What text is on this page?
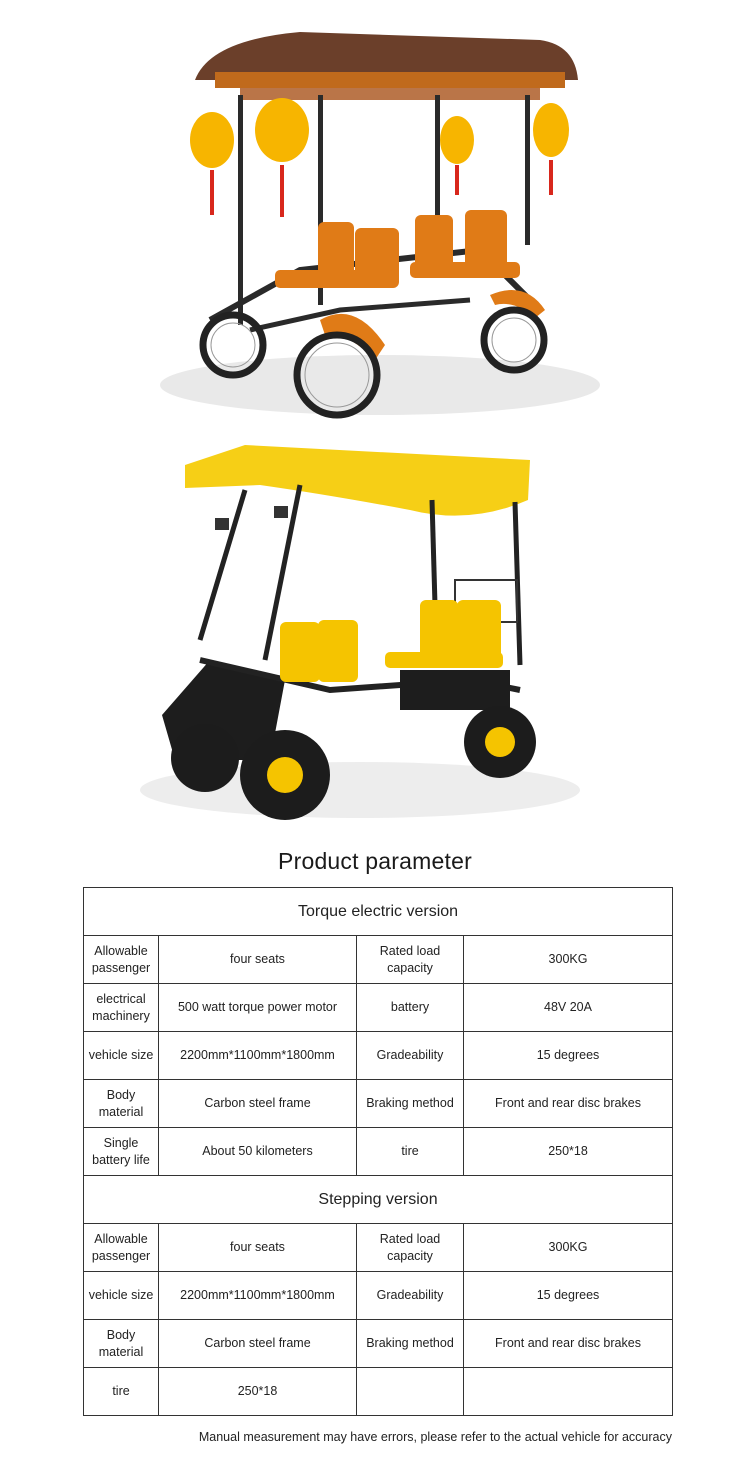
Product parameter
Torque electric version			
Allowable passenger	four seats	Rated load capacity	300KG
electrical machinery	500 watt torque power motor	battery	48V 20A
vehicle size	2200mm*1100mm*1800mm	Gradeability	15 degrees
Body material	Carbon steel frame	Braking method	Front and rear disc brakes
Single battery life	About 50 kilometers	tire	250*18
Stepping version			
Allowable passenger	four seats	Rated load capacity	300KG
vehicle size	2200mm*1100mm*1800mm	Gradeability	15 degrees
Body material	Carbon steel frame	Braking method	Front and rear disc brakes
tire	250*18		
Manual measurement may have errors, please refer to the actual vehicle for accuracy
